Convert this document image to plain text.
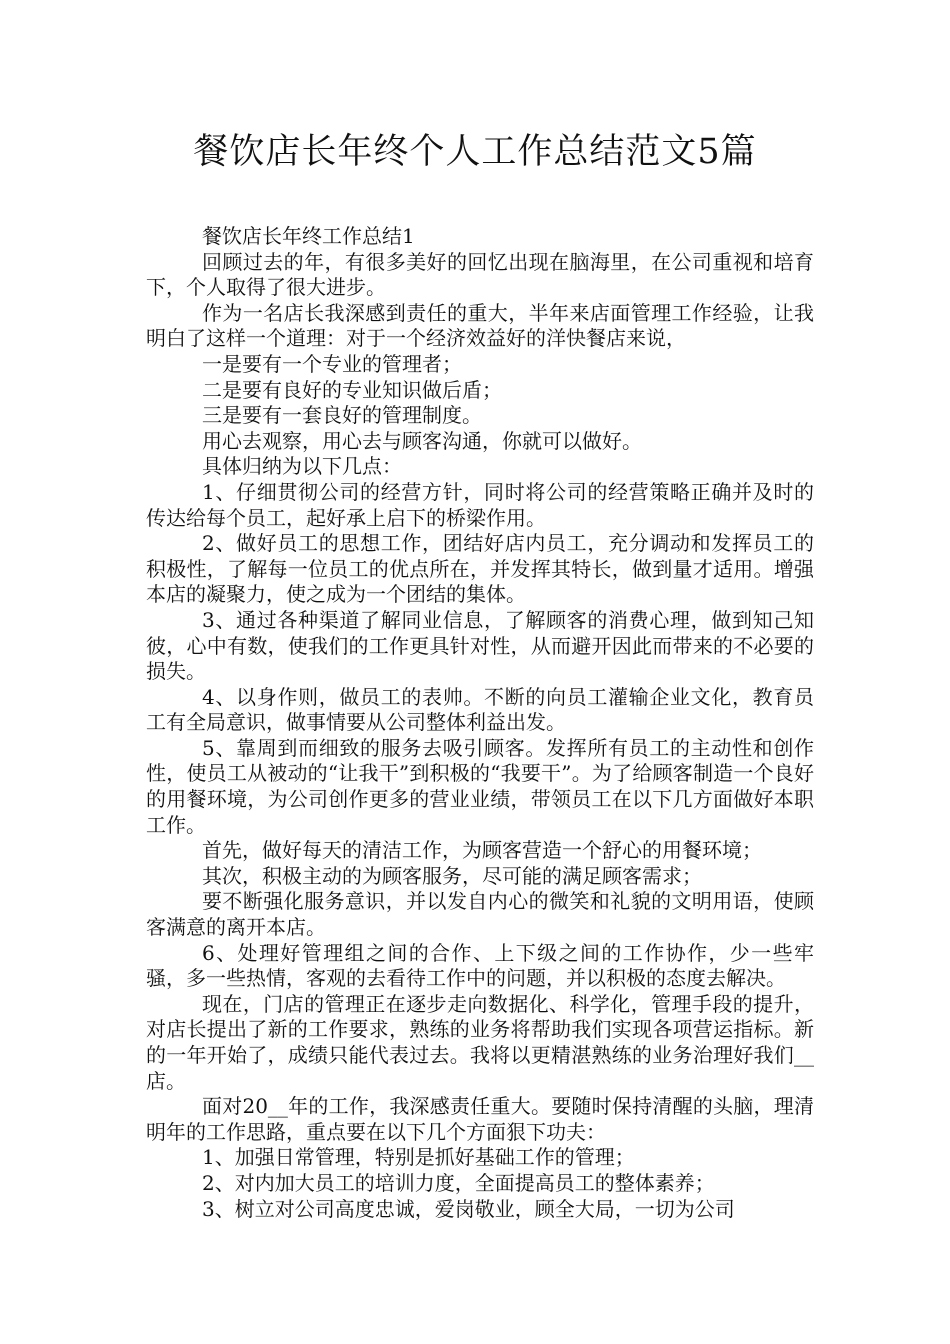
餐饮店长年终个人工作总结范文5篇

餐饮店长年终工作总结1

回顾过去的年，有很多美好的回忆出现在脑海里，在公司重视和培育下，个人取得了很大进步。

作为一名店长我深感到责任的重大，半年来店面管理工作经验，让我明白了这样一个道理：对于一个经济效益好的洋快餐店来说，

一是要有一个专业的管理者；

二是要有良好的专业知识做后盾；

三是要有一套良好的管理制度。

用心去观察，用心去与顾客沟通，你就可以做好。

具体归纳为以下几点：

1、仔细贯彻公司的经营方针，同时将公司的经营策略正确并及时的传达给每个员工，起好承上启下的桥梁作用。

2、做好员工的思想工作，团结好店内员工，充分调动和发挥员工的积极性，了解每一位员工的优点所在，并发挥其特长，做到量才适用。增强本店的凝聚力，使之成为一个团结的集体。

3、通过各种渠道了解同业信息，了解顾客的消费心理，做到知己知彼，心中有数，使我们的工作更具针对性，从而避开因此而带来的不必要的损失。

4、以身作则，做员工的表帅。不断的向员工灌输企业文化，教育员工有全局意识，做事情要从公司整体利益出发。

5、靠周到而细致的服务去吸引顾客。发挥所有员工的主动性和创作性，使员工从被动的“让我干”到积极的“我要干”。为了给顾客制造一个良好的用餐环境，为公司创作更多的营业业绩，带领员工在以下几方面做好本职工作。

首先，做好每天的清洁工作，为顾客营造一个舒心的用餐环境；

其次，积极主动的为顾客服务，尽可能的满足顾客需求；

要不断强化服务意识，并以发自内心的微笑和礼貌的文明用语，使顾客满意的离开本店。

6、处理好管理组之间的合作、上下级之间的工作协作，少一些牢骚，多一些热情，客观的去看待工作中的问题，并以积极的态度去解决。

现在，门店的管理正在逐步走向数据化、科学化，管理手段的提升，对店长提出了新的工作要求，熟练的业务将帮助我们实现各项营运指标。新的一年开始了，成绩只能代表过去。我将以更精湛熟练的业务治理好我们__店。

面对20__年的工作，我深感责任重大。要随时保持清醒的头脑，理清明年的工作思路，重点要在以下几个方面狠下功夫：

1、加强日常管理，特别是抓好基础工作的管理；

2、对内加大员工的培训力度，全面提高员工的整体素养；

3、树立对公司高度忠诚，爱岗敬业，顾全大局，一切为公司
